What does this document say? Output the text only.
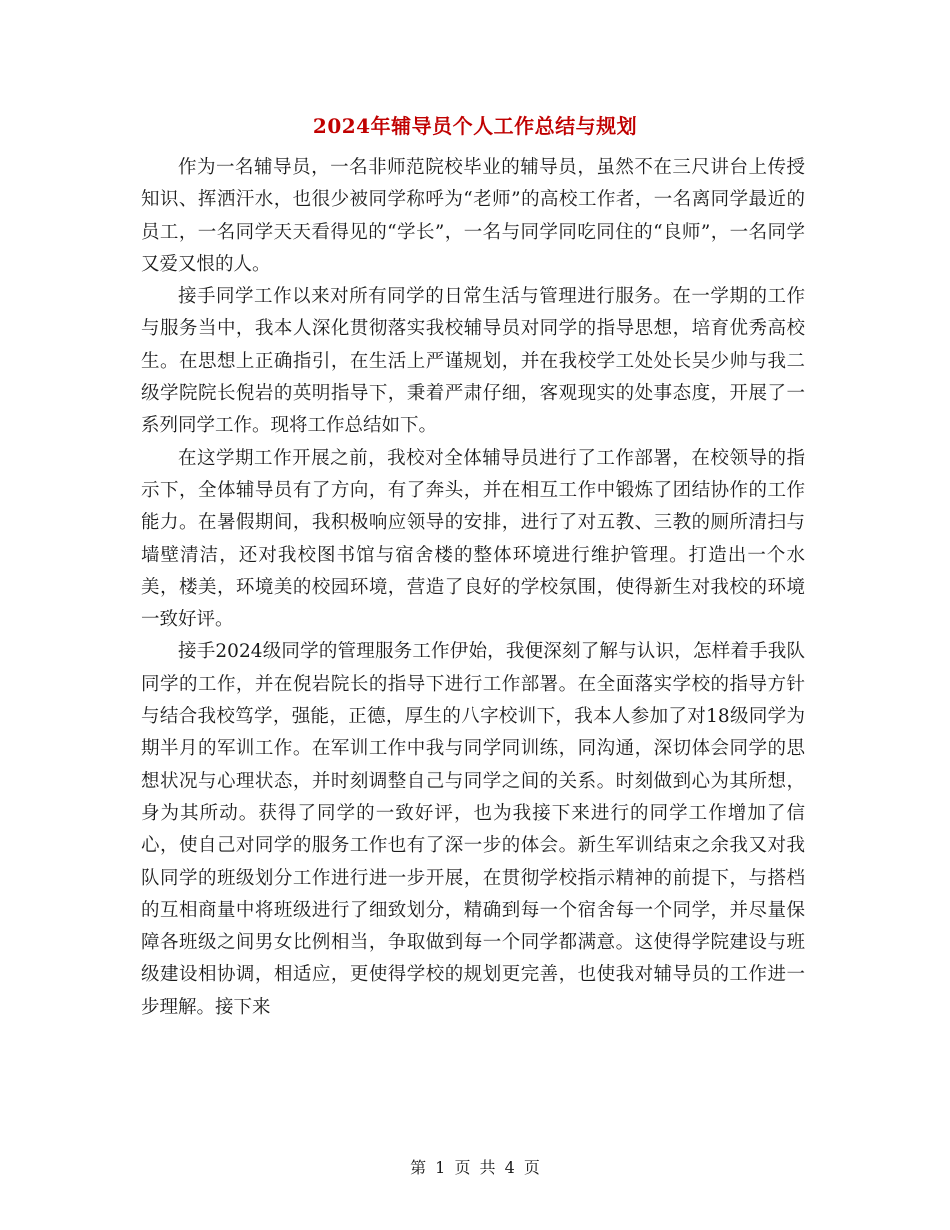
2024年辅导员个人工作总结与规划

作为一名辅导员，一名非师范院校毕业的辅导员，虽然不在三尺讲台上传授知识、挥洒汗水，也很少被同学称呼为“老师”的高校工作者，一名离同学最近的员工，一名同学天天看得见的“学长”，一名与同学同吃同住的“良师”，一名同学又爱又恨的人。

接手同学工作以来对所有同学的日常生活与管理进行服务。在一学期的工作与服务当中，我本人深化贯彻落实我校辅导员对同学的指导思想，培育优秀高校生。在思想上正确指引，在生活上严谨规划，并在我校学工处处长吴少帅与我二级学院院长倪岩的英明指导下，秉着严肃仔细，客观现实的处事态度，开展了一系列同学工作。现将工作总结如下。

在这学期工作开展之前，我校对全体辅导员进行了工作部署，在校领导的指示下，全体辅导员有了方向，有了奔头，并在相互工作中锻炼了团结协作的工作能力。在暑假期间，我积极响应领导的安排，进行了对五教、三教的厕所清扫与墙壁清洁，还对我校图书馆与宿舍楼的整体环境进行维护管理。打造出一个水美，楼美，环境美的校园环境，营造了良好的学校氛围，使得新生对我校的环境一致好评。

接手2024级同学的管理服务工作伊始，我便深刻了解与认识，怎样着手我队同学的工作，并在倪岩院长的指导下进行工作部署。在全面落实学校的指导方针与结合我校笃学，强能，正德，厚生的八字校训下，我本人参加了对18级同学为期半月的军训工作。在军训工作中我与同学同训练，同沟通，深切体会同学的思想状况与心理状态，并时刻调整自己与同学之间的关系。时刻做到心为其所想，身为其所动。获得了同学的一致好评，也为我接下来进行的同学工作增加了信心，使自己对同学的服务工作也有了深一步的体会。新生军训结束之余我又对我队同学的班级划分工作进行进一步开展，在贯彻学校指示精神的前提下，与搭档的互相商量中将班级进行了细致划分，精确到每一个宿舍每一个同学，并尽量保障各班级之间男女比例相当，争取做到每一个同学都满意。这使得学院建设与班级建设相协调，相适应，更使得学校的规划更完善，也使我对辅导员的工作进一步理解。接下来

第 1 页 共 4 页
